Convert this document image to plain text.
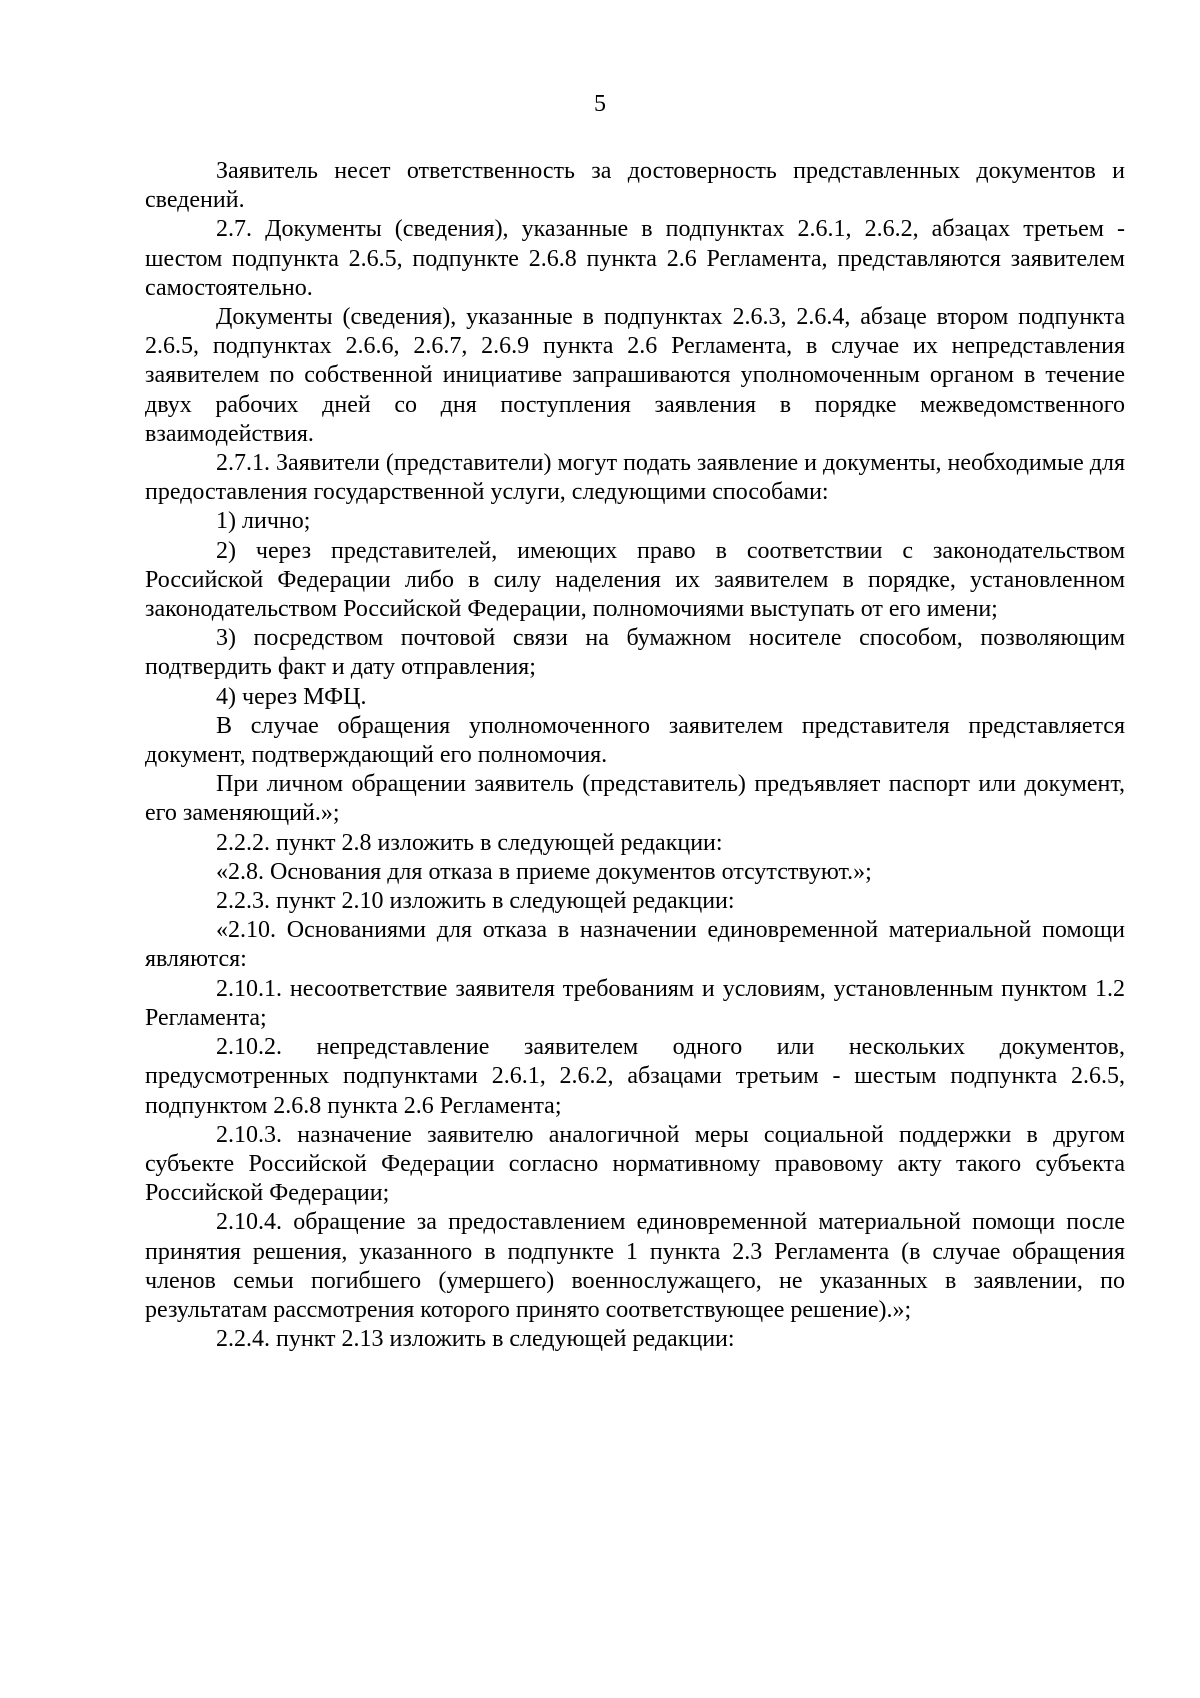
5

Заявитель несет ответственность за достоверность представленных документов и сведений.

2.7. Документы (сведения), указанные в подпунктах 2.6.1, 2.6.2, абзацах третьем - шестом подпункта 2.6.5, подпункте 2.6.8 пункта 2.6 Регламента, представляются заявителем самостоятельно.

Документы (сведения), указанные в подпунктах 2.6.3, 2.6.4, абзаце втором подпункта 2.6.5, подпунктах 2.6.6, 2.6.7, 2.6.9 пункта 2.6 Регламента, в случае их непредставления заявителем по собственной инициативе запрашиваются уполномоченным органом в течение двух рабочих дней со дня поступления заявления в порядке межведомственного взаимодействия.

2.7.1. Заявители (представители) могут подать заявление и документы, необходимые для предоставления государственной услуги, следующими способами:

1) лично;

2) через представителей, имеющих право в соответствии с законодательством Российской Федерации либо в силу наделения их заявителем в порядке, установленном законодательством Российской Федерации, полномочиями выступать от его имени;

3) посредством почтовой связи на бумажном носителе способом, позволяющим подтвердить факт и дату отправления;

4) через МФЦ.

В случае обращения уполномоченного заявителем представителя представляется документ, подтверждающий его полномочия.

При личном обращении заявитель (представитель) предъявляет паспорт или документ, его заменяющий.»;

2.2.2. пункт 2.8 изложить в следующей редакции:

«2.8. Основания для отказа в приеме документов отсутствуют.»;

2.2.3. пункт 2.10 изложить в следующей редакции:

«2.10. Основаниями для отказа в назначении единовременной материальной помощи являются:

2.10.1. несоответствие заявителя требованиям и условиям, установленным пунктом 1.2 Регламента;

2.10.2. непредставление заявителем одного или нескольких документов, предусмотренных подпунктами 2.6.1, 2.6.2, абзацами третьим - шестым подпункта 2.6.5, подпунктом 2.6.8 пункта 2.6 Регламента;

2.10.3. назначение заявителю аналогичной меры социальной поддержки в другом субъекте Российской Федерации согласно нормативному правовому акту такого субъекта Российской Федерации;

2.10.4. обращение за предоставлением единовременной материальной помощи после принятия решения, указанного в подпункте 1 пункта 2.3 Регламента (в случае обращения членов семьи погибшего (умершего) военнослужащего, не указанных в заявлении, по результатам рассмотрения которого принято соответствующее решение).»;

2.2.4. пункт 2.13 изложить в следующей редакции:
